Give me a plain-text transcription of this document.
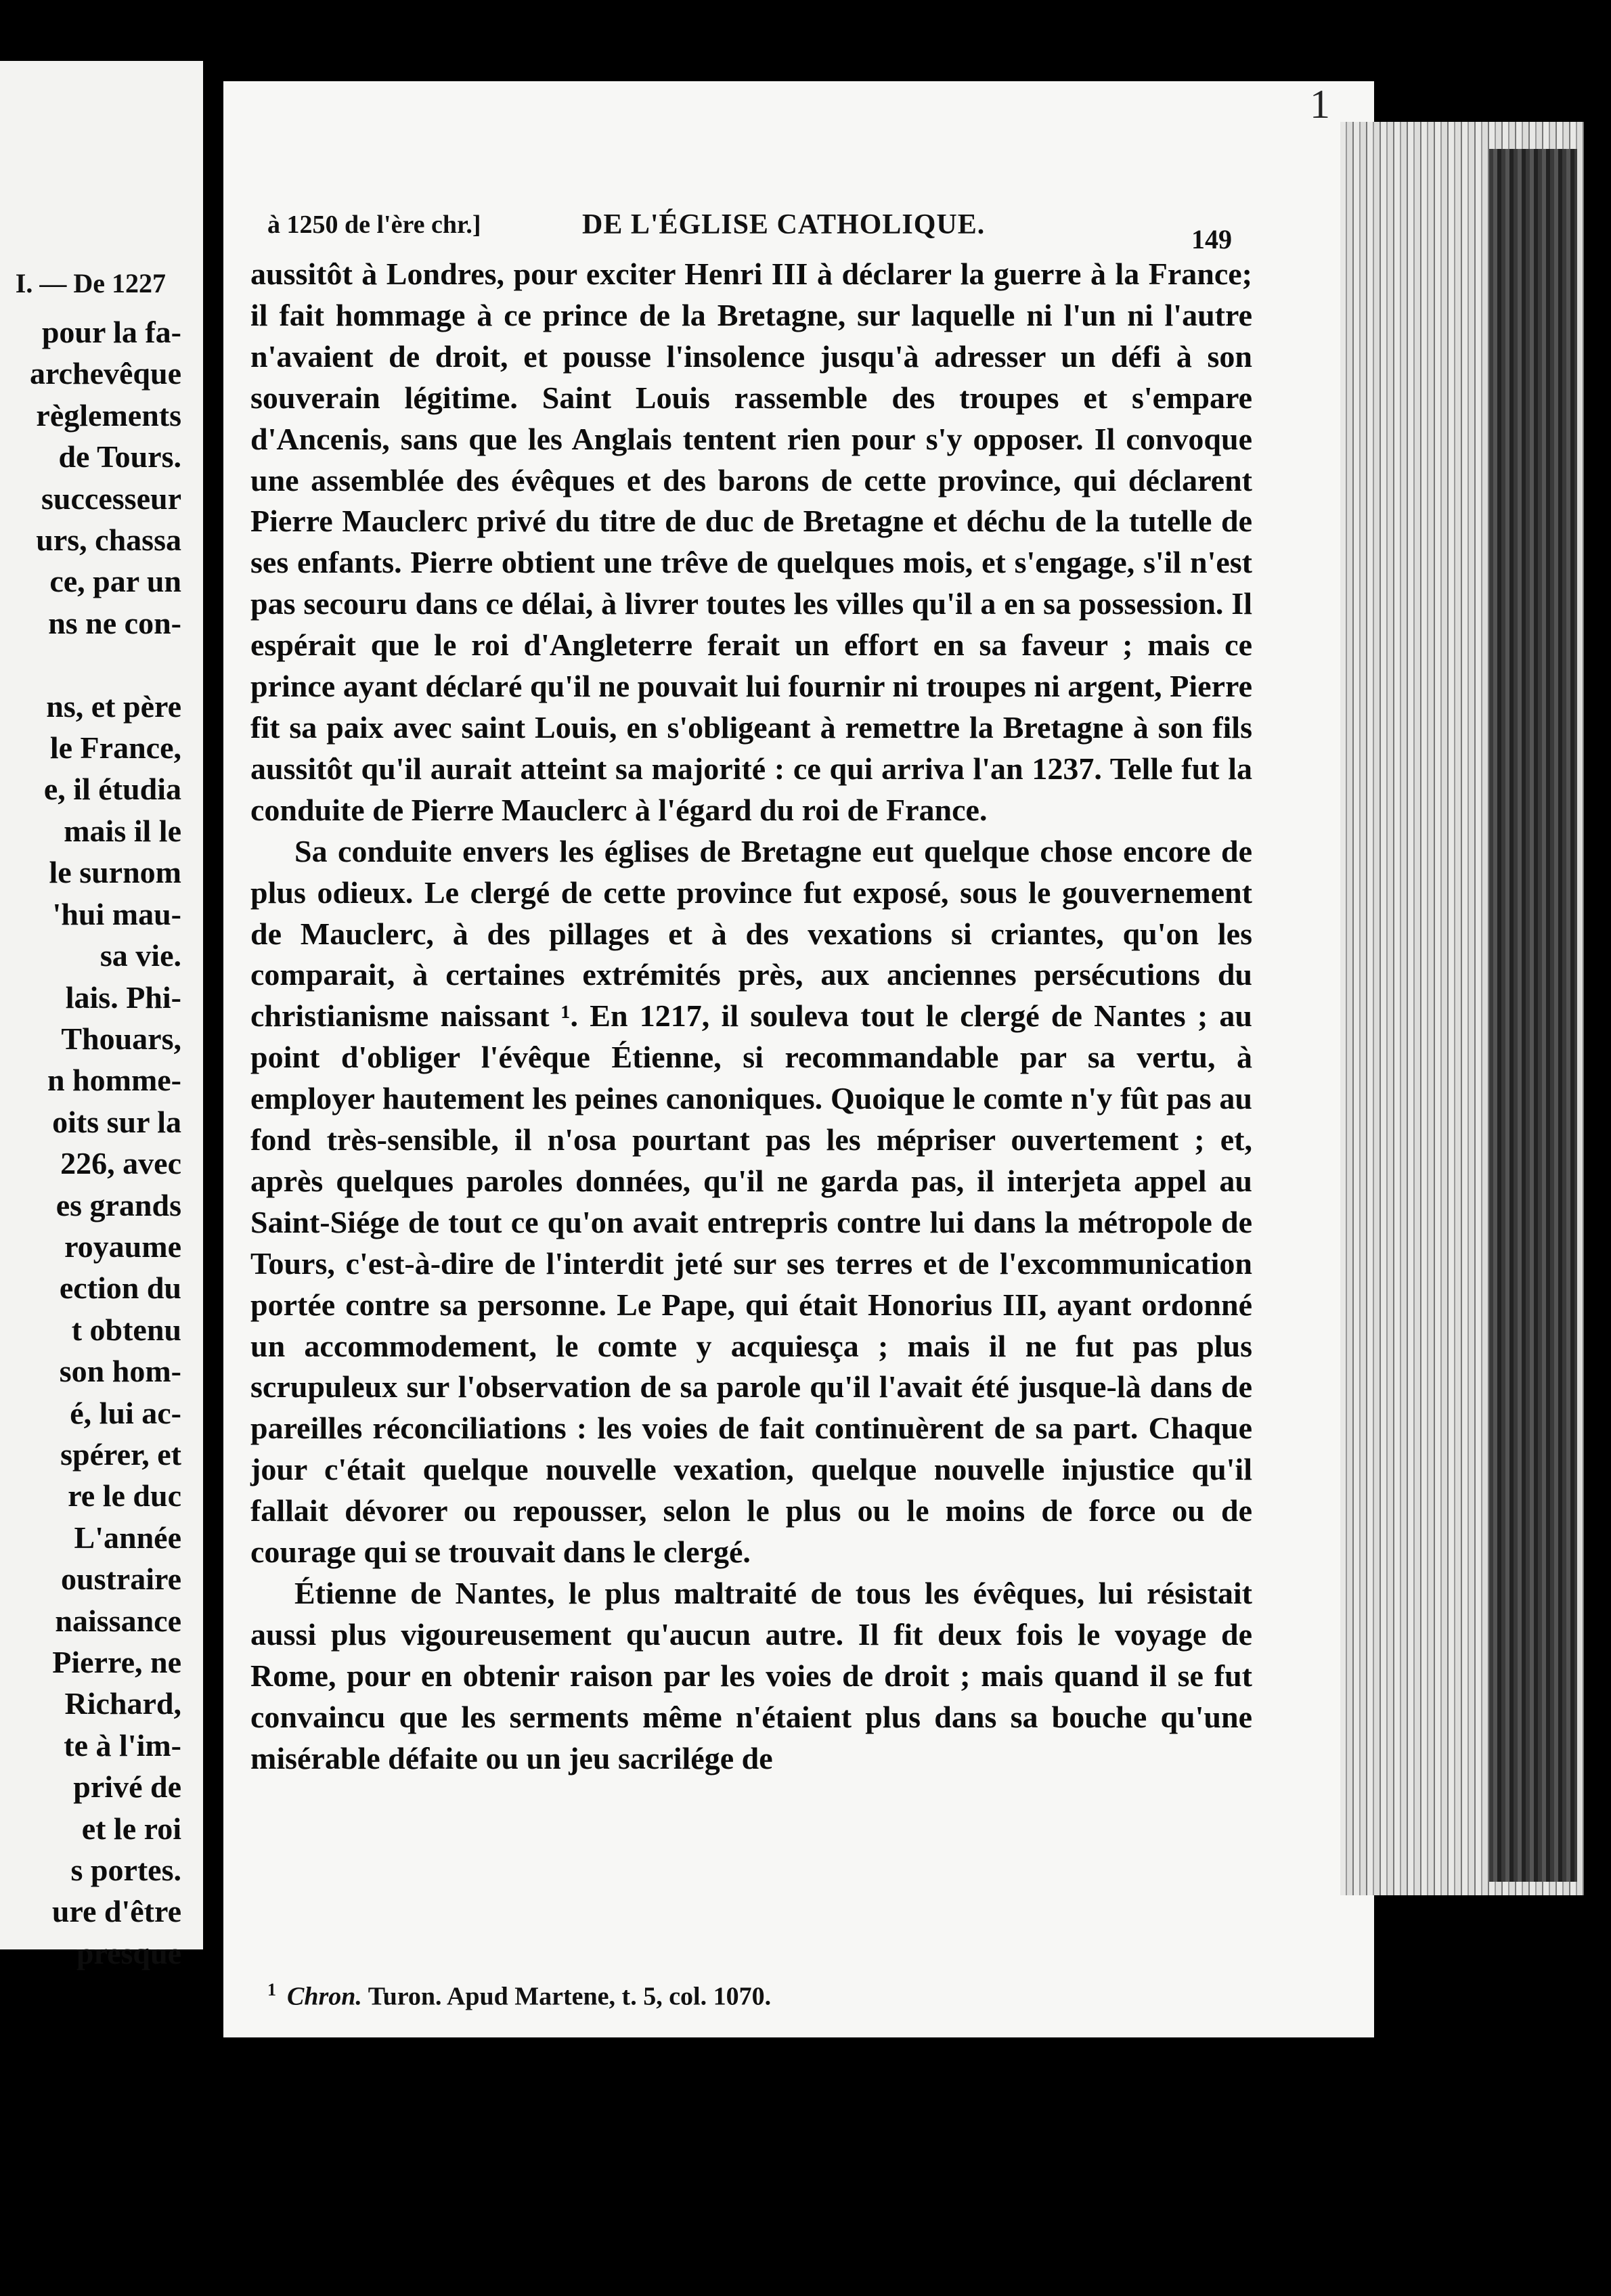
I. — De 1227
pour la fa-
archevêque
règlements
de Tours.
successeur
urs, chassa
ce, par un
ns ne con-

ns, et père
le France,
e, il étudia
mais il le
le surnom
'hui mau-
sa vie.
lais. Phi-
Thouars,
n homme-
oits sur la
226, avec
es grands
royaume
ection du
t obtenu
son hom-
é, lui ac-
spérer, et
re le duc
L'année
oustraire
naissance
Pierre, ne
Richard,
te à l'im-
privé de
et le roi
s portes.
ure d'être
presque
1
à 1250 de l'ère chr.]	DE L'ÉGLISE CATHOLIQUE.	149

aussitôt à Londres, pour exciter Henri III à déclarer la guerre à la France; il fait hommage à ce prince de la Bretagne, sur laquelle ni l'un ni l'autre n'avaient de droit, et pousse l'insolence jusqu'à adresser un défi à son souverain légitime. Saint Louis rassemble des troupes et s'empare d'Ancenis, sans que les Anglais tentent rien pour s'y opposer. Il convoque une assemblée des évêques et des barons de cette province, qui déclarent Pierre Mauclerc privé du titre de duc de Bretagne et déchu de la tutelle de ses enfants. Pierre obtient une trêve de quelques mois, et s'engage, s'il n'est pas secouru dans ce délai, à livrer toutes les villes qu'il a en sa possession. Il espérait que le roi d'Angleterre ferait un effort en sa faveur ; mais ce prince ayant déclaré qu'il ne pouvait lui fournir ni troupes ni argent, Pierre fit sa paix avec saint Louis, en s'obligeant à remettre la Bretagne à son fils aussitôt qu'il aurait atteint sa majorité : ce qui arriva l'an 1237. Telle fut la conduite de Pierre Mauclerc à l'égard du roi de France.

Sa conduite envers les églises de Bretagne eut quelque chose encore de plus odieux. Le clergé de cette province fut exposé, sous le gouvernement de Mauclerc, à des pillages et à des vexations si criantes, qu'on les comparait, à certaines extrémités près, aux anciennes persécutions du christianisme naissant ¹. En 1217, il souleva tout le clergé de Nantes ; au point d'obliger l'évêque Étienne, si recommandable par sa vertu, à employer hautement les peines canoniques. Quoique le comte n'y fût pas au fond très-sensible, il n'osa pourtant pas les mépriser ouvertement ; et, après quelques paroles données, qu'il ne garda pas, il interjeta appel au Saint-Siége de tout ce qu'on avait entrepris contre lui dans la métropole de Tours, c'est-à-dire de l'interdit jeté sur ses terres et de l'excommunication portée contre sa personne. Le Pape, qui était Honorius III, ayant ordonné un accommodement, le comte y acquiesça ; mais il ne fut pas plus scrupuleux sur l'observation de sa parole qu'il l'avait été jusque-là dans de pareilles réconciliations : les voies de fait continuèrent de sa part. Chaque jour c'était quelque nouvelle vexation, quelque nouvelle injustice qu'il fallait dévorer ou repousser, selon le plus ou le moins de force ou de courage qui se trouvait dans le clergé.

Étienne de Nantes, le plus maltraité de tous les évêques, lui résistait aussi plus vigoureusement qu'aucun autre. Il fit deux fois le voyage de Rome, pour en obtenir raison par les voies de droit ; mais quand il se fut convaincu que les serments même n'étaient plus dans sa bouche qu'une misérable défaite ou un jeu sacrilége de

$^1$ Chron. Turon. Apud Martene, t. 5, col. 1070.
